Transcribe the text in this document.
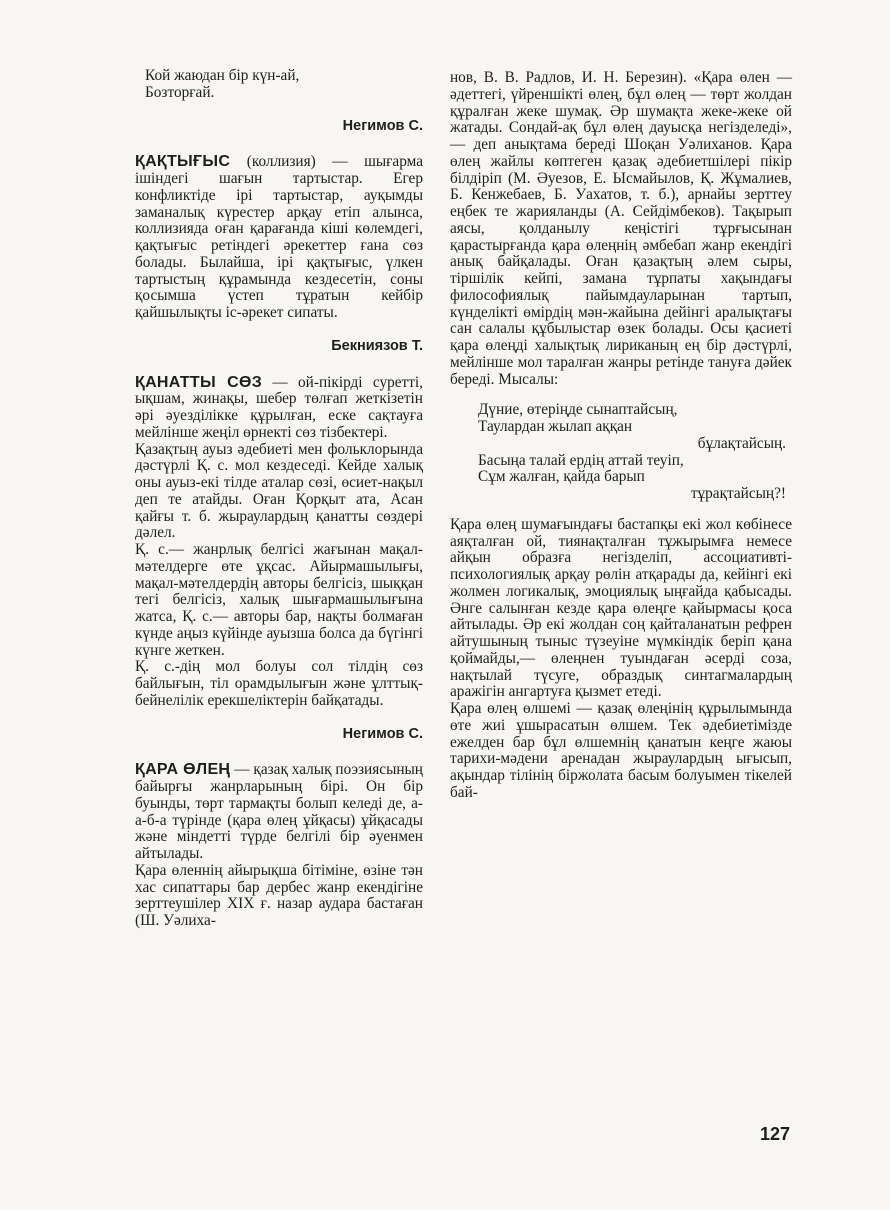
Кой жаюдан бір күн-ай,
Бозторғай.
Негимов С.

ҚАҚТЫҒЫС (коллизия) — шығарма ішіндегі шағын тартыстар. Егер конфликтіде ірі тартыстар, ауқымды заманалық күрестер арқау етіп алынса, коллизияда оған қарағанда кіші көлемдегі, қақтығыс ретіндегі әрекеттер ғана сөз болады. Былайша, ірі қақтығыс, үлкен тартыстың құрамында кездесетін, соны қосымша үстеп тұратын кейбір қайшылықты іс-әрекет сипаты.

Бекниязов Т.

ҚАНАТТЫ СӨЗ — ой-пікірді суретті, ықшам, жинақы, шебер төлғап жеткізетін әрі әуезділікке құрылған, еске сақтауға мейлінше жеңіл өрнекті сөз тізбектері.

Қазақтың ауыз әдебиеті мен фольклорында дәстүрлі Қ. с. мол кездеседі. Кейде халық оны ауыз-екі тілде аталар сөзі, өсиет-нақыл деп те атайды. Оған Қорқыт ата, Асан қайғы т. б. жыраулардың қанатты сөздері дәлел.

Қ. с.— жанрлық белгісі жағынан мақал-мәтелдерге өте ұқсас. Айырмашылығы, мақал-мәтелдердің авторы белгісіз, шыққан тегі белгісіз, халық шығармашылығына жатса, Қ. с.— авторы бар, нақты болмаған күнде аңыз күйінде ауызша болса да бүгінгі күнге жеткен.

Қ. с.-дің мол болуы сол тілдің сөз байлығын, тіл орамдылығын және ұлттық-бейнелілік ерекшеліктерін байқатады.

Негимов С.

ҚАРА ӨЛЕҢ — қазақ халық поэзиясының байырғы жанрларының бірі. Он бір буынды, төрт тармақты болып келеді де, а-а-б-а түрінде (қара өлең ұйқасы) ұйқасады және міндетті түрде белгілі бір әуенмен айтылады.

Қара өленнің айырықша бітіміне, өзіне тән хас сипаттары бар дербес жанр екендігіне зерттеушілер XIX ғ. назар аудара бастаған (Ш. Уәлиха-

нов, В. В. Радлов, И. Н. Березин). «Қара өлен — әдеттегі, үйреншікті өлең, бұл өлең — төрт жолдан құралған жеке шумақ. Әр шумақта жеке-жеке ой жатады. Сондай-ақ бұл өлең дауысқа негізделеді»,— деп анықтама береді Шоқан Уәлиханов. Қара өлең жайлы көптеген қазақ әдебиетшілері пікір білдіріп (М. Әуезов, Е. Ысмайылов, Қ. Жұмалиев, Б. Кенжебаев, Б. Уахатов, т. б.), арнайы зерттеу еңбек те жарияланды (А. Сейдімбеков). Тақырып аясы, қолданылу кеңістігі тұрғысынан қарастырғанда қара өлеңнің әмбебап жанр екендігі анық байқалады. Оған қазақтың әлем сыры, тіршілік кейпі, замана тұрпаты хақындағы философиялық пайымдауларынан тартып, күнделікті өмірдің мән-жайына дейінгі аралықтағы сан салалы құбылыстар өзек болады. Осы қасиеті қара өлеңді халықтық лириканың ең бір дәстүрлі, мейлінше мол таралған жанры ретінде тануға дәйек береді. Мысалы:

Дүние, өтеріңде сынаптайсың,
Таулардан жылап аққан
бұлақтайсың.
Басыңа талай ердің аттай теуіп,
Сұм жалған, қайда барып
тұрақтайсың?!

Қара өлең шумағындағы бастапқы екі жол көбінесе аяқталған ой, тиянақталған тұжырымға немесе айқын образға негізделіп, ассоциативті-психологиялық арқау рөлін атқарады да, кейінгі екі жолмен логикалық, эмоциялық ыңғайда қабысады. Әнге салынған кезде қара өлеңге қайырмасы қоса айтылады. Әр екі жолдан соң қайталанатын рефрен айтушының тыныс түзеуіне мүмкіндік беріп қана қоймайды,— өлеңнен туындаған әсерді соза, нақтылай түсуге, образдық синтагмалардың аражігін ангартуға қызмет етеді.

Қара өлең өлшемі — қазақ өлеңінің құрылымында өте жиі ұшырасатын өлшем. Тек әдебиетімізде ежелден бар бұл өлшемнің қанатын кеңге жаюы тарихи-мәдени аренадан жыраулардың ығысып, ақындар тілінің біржолата басым болуымен тікелей бай-

127
